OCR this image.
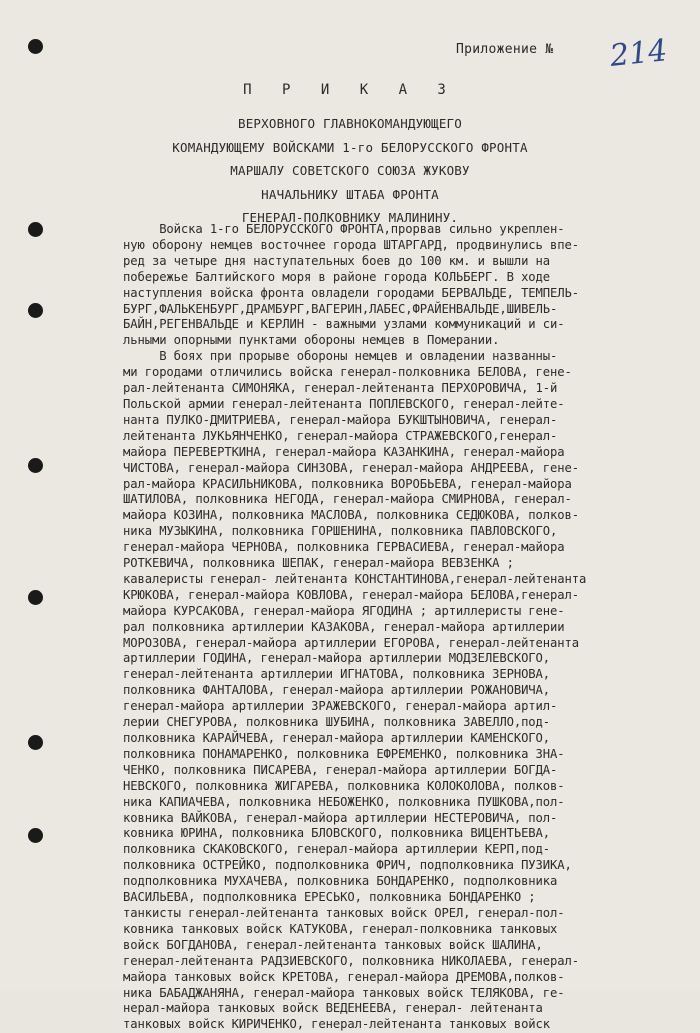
Приложение № 214
П Р И К А З
ВЕРХОВНОГО ГЛАВНОКОМАНДУЮЩЕГО
КОМАНДУЮЩЕМУ ВОЙСКАМИ 1-го БЕЛОРУССКОГО ФРОНТА
МАРШАЛУ СОВЕТСКОГО СОЮЗА ЖУКОВУ
НАЧАЛЬНИКУ ШТАБА ФРОНТА
ГЕНЕРАЛ-ПОЛКОВНИКУ МАЛИНИНУ.
Войска 1-го БЕЛОРУССКОГО ФРОНТА,прорвав сильно укреплен-
ную оборону немцев восточнее города ШТАРГАРД, продвинулись впе-
ред за четыре дня наступательных боев до 100 км. и вышли на
побережье Балтийского моря в районе города КОЛЬБЕРГ. В ходе
наступления войска фронта овладели городами БЕРВАЛЬДЕ, ТЕМПЕЛЬ-
БУРГ,ФАЛЬКЕНБУРГ,ДРАМБУРГ,ВАГЕРИН,ЛАБЕС,ФРАЙЕНВАЛЬДЕ,ШИВЕЛЬ-
БАЙН,РЕГЕНВАЛЬДЕ и КЕРЛИН - важными узлами коммуникаций и си-
льными опорными пунктами обороны немцев в Померании.
В боях при прорыве обороны немцев и овладении названны-
ми городами отличились войска генерал-полковника БЕЛОВА, генe-
рал-лейтенанта СИМОНЯКА, генерал-лейтенанта ПЕРХОРОВИЧА, 1-й
Польской армии генерал-лейтенанта ПОПЛЕВСКОГО, генерал-лейте-
нанта ПУЛКО-ДМИТРИЕВА, генерал-майора БУКШТЫНОВИЧА, генерал-
лейтенанта ЛУКЬЯНЧЕНКО, генерал-майора СТРАЖЕВСКОГО,генерал-
майора ПЕРЕВЕРТКИНА, генерал-майора КАЗАНКИНА, генерал-майора
ЧИСТОВА, генерал-майора СИНЗОВА, генерал-майора АНДРЕЕВА, гене-
рал-майора КРАСИЛЬНИКОВА, полковника ВОРОБЬЕВА, генерал-майора
ШАТИЛОВА, полковника НЕГОДА, генерал-майора СМИРНОВА, генерал-
майора КОЗИНА, полковника МАСЛОВА, полковника СЕДЮКОВА, полков-
ника МУЗЫКИНА, полковника ГОРШЕНИНА, полковника ПАВЛОВСКОГО,
генерал-майора ЧЕРНОВА, полковника ГЕРВАСИЕВА, генерал-майора
РОТКЕВИЧА, полковника ШЕПАК, генерал-майора ВЕВЗЕНКА ;
кавалеристы генерал- лейтенанта КОНСТАНТИНОВА,генерал-лейтенанта
КРЮКОВА, генерал-майора КОВЛОВА, генерал-майора БЕЛОВА,генерал-
майора КУРСАКОВА, генерал-майора ЯГОДИНА ; артиллеристы гене-
рал полковника артиллерии КАЗАКОВА, генерал-майора артиллерии
МОРОЗОВА, генерал-майора артиллерии ЕГОРОВА, генерал-лейтенанта
артиллерии ГОДИНА, генерал-майора артиллерии МОДЗЕЛЕВСКОГО,
генерал-лейтенанта артиллерии ИГНАТОВА, полковника ЗЕРНОВА,
полковника ФАНТАЛОВА, генерал-майора артиллерии РОЖАНОВИЧА,
генерал-майора артиллерии ЗРАЖЕВСКОГО, генерал-майора артил-
лерии СНЕГУРОВА, полковника ШУБИНА, полковника ЗАВЕЛЛО,под-
полковника КАРАЙЧЕВА, генерал-майора артиллерии КАМЕНСКОГО,
полковника ПОНАМАРЕНКО, полковника ЕФРЕМЕНКО, полковника ЗНА-
ЧЕНКО, полковника ПИСАРЕВА, генерал-майора артиллерии БОГДА-
НЕВСКОГО, полковника ЖИГАРЕВА, полковника КОЛОКОЛОВА, полков-
ника КАПИАЧЕВА, полковника НЕБОЖЕНКО, полковника ПУШКОВА,пол-
ковника ВАЙКОВА, генерал-майора артиллерии НЕСТЕРОВИЧА, пол-
ковника ЮРИНА, полковника БЛОВСКОГО, полковника ВИЦЕНТЬЕВА,
полковника СКАКОВСКОГО, генерал-майора артиллерии КЕРП,под-
полковника ОСТРЕЙКО, подполковника ФРИЧ, подполковника ПУЗИКА,
подполковника МУХАЧЕВА, полковника БОНДАРЕНКО, подполковника
ВАСИЛЬЕВА, подполковника ЕРЕСЬКО, полковника БОНДАРЕНКО ;
танкисты генерал-лейтенанта танковых войск ОРЕЛ, генерал-пол-
ковника танковых войск КАТУКОВА, генерал-полковника танковых
войск БОГДАНОВА, генерал-лейтенанта танковых войск ШАЛИНА,
генерал-лейтенанта РАДЗИЕВСКОГО, полковника НИКОЛАЕВА, генерал-
майора танковых войск КРЕТОВА, генерал-майора ДРЕМОВА,полков-
ника БАБАДЖАНЯНА, генерал-майора танковых войск ТЕЛЯКОВА, ге-
нерал-майора танковых войск ВЕДЕНЕЕВА, генерал- лейтенанта
танковых войск КИРИЧЕНКО, генерал-лейтенанта танковых войск
